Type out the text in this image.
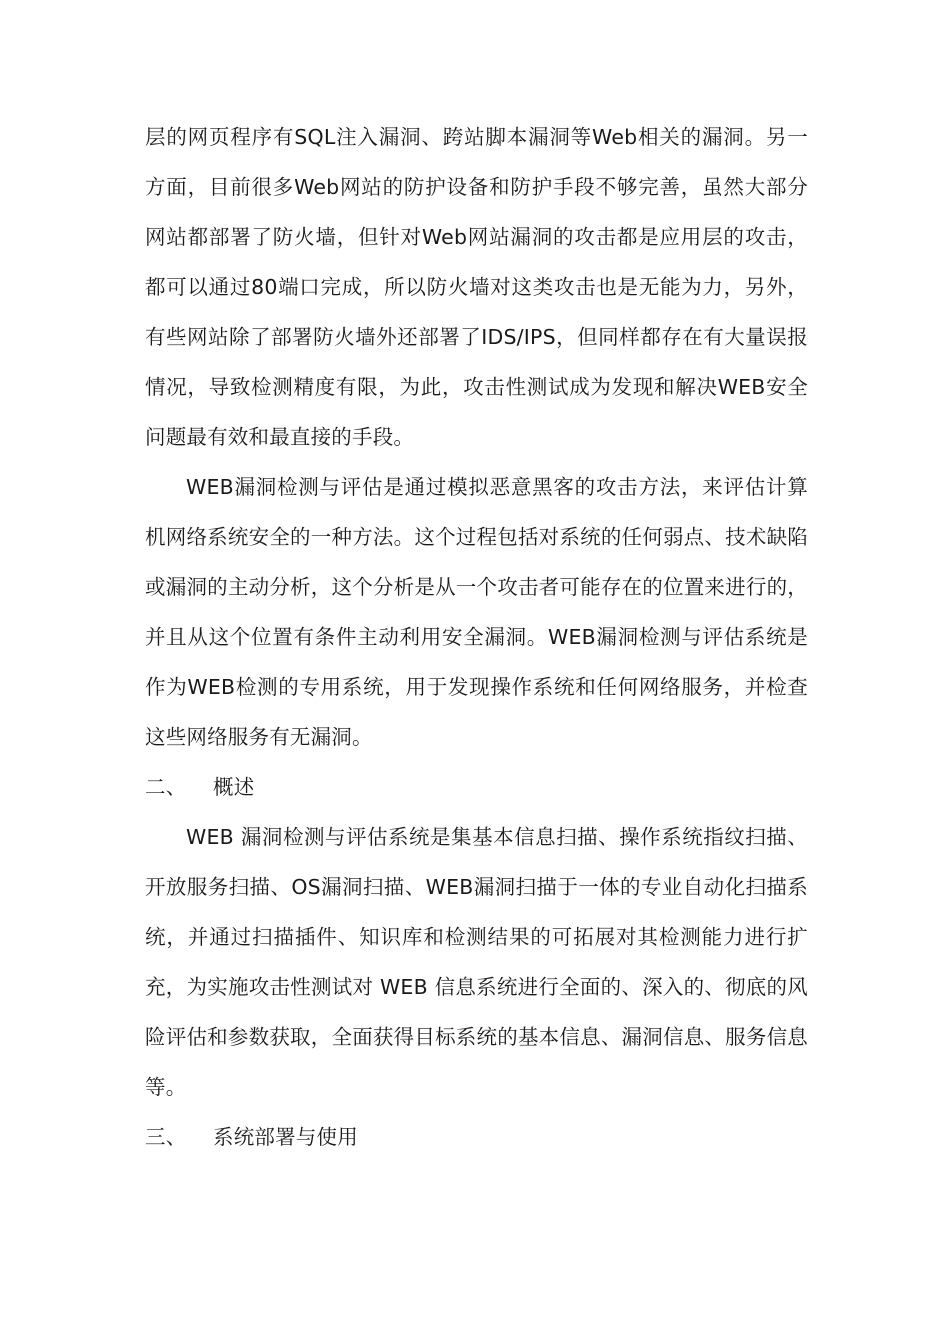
层的网页程序有SQL注入漏洞、跨站脚本漏洞等Web相关的漏洞。另一方面，目前很多Web网站的防护设备和防护手段不够完善，虽然大部分网站都部署了防火墙，但针对Web网站漏洞的攻击都是应用层的攻击，都可以通过80端口完成，所以防火墙对这类攻击也是无能为力，另外，有些网站除了部署防火墙外还部署了IDS/IPS，但同样都存在有大量误报情况，导致检测精度有限，为此，攻击性测试成为发现和解决WEB安全问题最有效和最直接的手段。

WEB漏洞检测与评估是通过模拟恶意黑客的攻击方法，来评估计算机网络系统安全的一种方法。这个过程包括对系统的任何弱点、技术缺陷或漏洞的主动分析，这个分析是从一个攻击者可能存在的位置来进行的，并且从这个位置有条件主动利用安全漏洞。WEB漏洞检测与评估系统是作为WEB检测的专用系统，用于发现操作系统和任何网络服务，并检查这些网络服务有无漏洞。

二、	概述

WEB 漏洞检测与评估系统是集基本信息扫描、操作系统指纹扫描、开放服务扫描、OS漏洞扫描、WEB漏洞扫描于一体的专业自动化扫描系统，并通过扫描插件、知识库和检测结果的可拓展对其检测能力进行扩充，为实施攻击性测试对 WEB 信息系统进行全面的、深入的、彻底的风险评估和参数获取，全面获得目标系统的基本信息、漏洞信息、服务信息等。

三、	系统部署与使用
